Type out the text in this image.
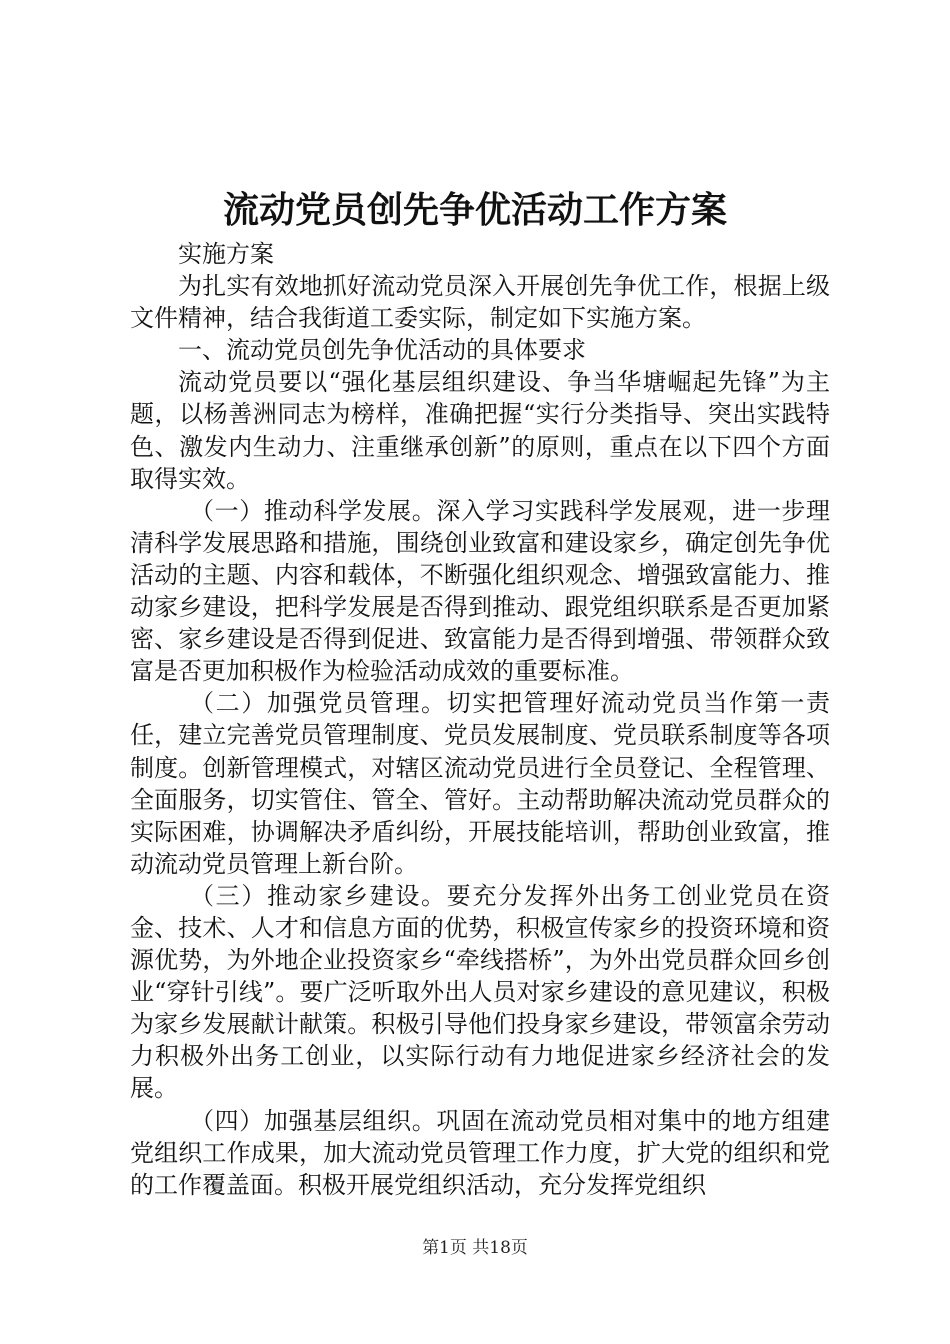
流动党员创先争优活动工作方案

实施方案

为扎实有效地抓好流动党员深入开展创先争优工作，根据上级文件精神，结合我街道工委实际，制定如下实施方案。

一、流动党员创先争优活动的具体要求

流动党员要以“强化基层组织建设、争当华塘崛起先锋”为主题，以杨善洲同志为榜样，准确把握“实行分类指导、突出实践特色、激发内生动力、注重继承创新”的原则，重点在以下四个方面取得实效。

（一）推动科学发展。深入学习实践科学发展观，进一步理清科学发展思路和措施，围绕创业致富和建设家乡，确定创先争优活动的主题、内容和载体，不断强化组织观念、增强致富能力、推动家乡建设，把科学发展是否得到推动、跟党组织联系是否更加紧密、家乡建设是否得到促进、致富能力是否得到增强、带领群众致富是否更加积极作为检验活动成效的重要标准。

（二）加强党员管理。切实把管理好流动党员当作第一责任，建立完善党员管理制度、党员发展制度、党员联系制度等各项制度。创新管理模式，对辖区流动党员进行全员登记、全程管理、全面服务，切实管住、管全、管好。主动帮助解决流动党员群众的实际困难，协调解决矛盾纠纷，开展技能培训，帮助创业致富，推动流动党员管理上新台阶。

（三）推动家乡建设。要充分发挥外出务工创业党员在资金、技术、人才和信息方面的优势，积极宣传家乡的投资环境和资源优势，为外地企业投资家乡“牵线搭桥”，为外出党员群众回乡创业“穿针引线”。要广泛听取外出人员对家乡建设的意见建议，积极为家乡发展献计献策。积极引导他们投身家乡建设，带领富余劳动力积极外出务工创业，以实际行动有力地促进家乡经济社会的发展。

（四）加强基层组织。巩固在流动党员相对集中的地方组建党组织工作成果，加大流动党员管理工作力度，扩大党的组织和党的工作覆盖面。积极开展党组织活动，充分发挥党组织

第1页 共18页
